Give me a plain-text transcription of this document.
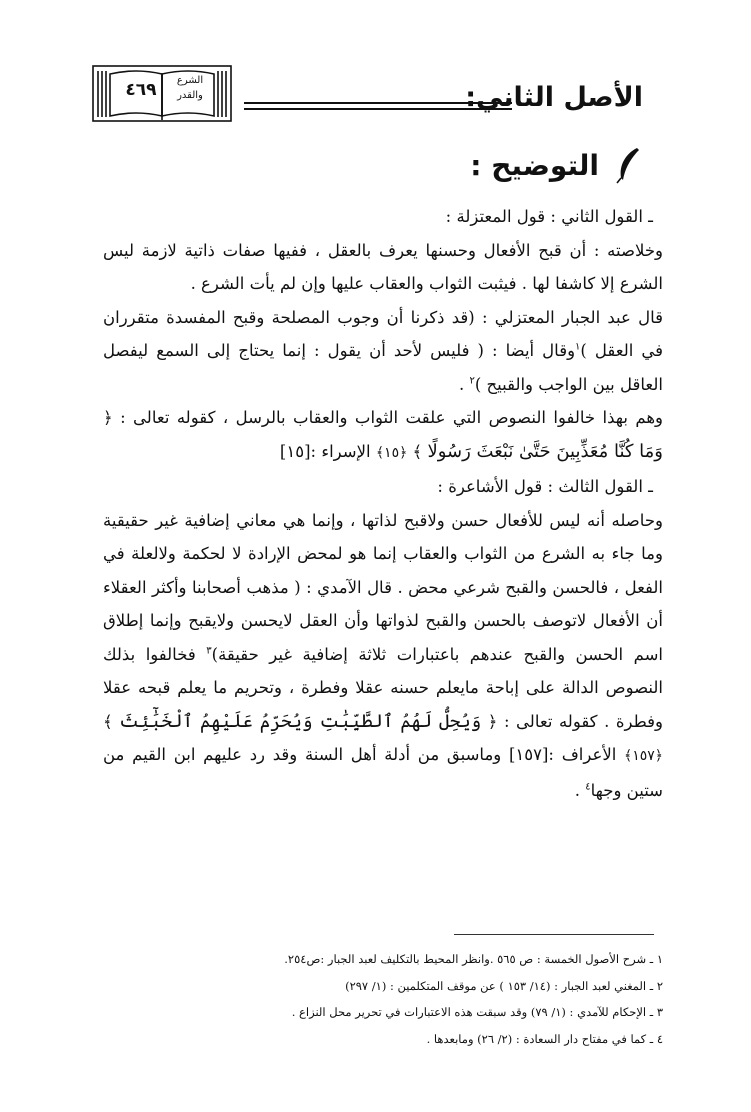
الأصل الثاني:
٤٦٩	الشرع
والقدر
التوضيح :

ـ القول الثاني : قول المعتزلة :

وخلاصته : أن قبح الأفعال وحسنها يعرف بالعقل ، ففيها صفات ذاتية لازمة ليس الشرع إلا كاشفا لها . فيثبت الثواب والعقاب عليها وإن لم يأت الشرع .

قال عبد الجبار المعتزلي : (قد ذكرنا أن وجوب المصلحة وقبح المفسدة متقرران في العقل )$^١$وقال أيضا : ( فليس لأحد أن يقول : إنما يحتاج إلى السمع ليفصل العاقل بين الواجب والقبيح )$^٢$ .

وهم بهذا خالفوا النصوص التي علقت الثواب والعقاب بالرسل ، كقوله تعالى : ﴿ وَمَا كُنَّا مُعَذِّبِينَ حَتَّىٰ نَبْعَثَ رَسُولًا ﴾ ﴿١٥﴾ الإسراء :[١٥]

ـ القول الثالث : قول الأشاعرة :

وحاصله أنه ليس للأفعال حسن ولاقبح لذاتها ، وإنما هي معاني إضافية غير حقيقية وما جاء به الشرع من الثواب والعقاب إنما هو لمحض الإرادة لا لحكمة ولالعلة في الفعل ، فالحسن والقبح شرعي محض . قال الآمدي : ( مذهب أصحابنا وأكثر العقلاء أن الأفعال لاتوصف بالحسن والقبح لذواتها وأن العقل لايحسن ولايقبح وإنما إطلاق اسم الحسن والقبح عندهم باعتبارات ثلاثة إضافية غير حقيقة)$^٣$ فخالفوا بذلك النصوص الدالة على إباحة مايعلم حسنه عقلا وفطرة ، وتحريم ما يعلم قبحه عقلا وفطرة . كقوله تعالى : ﴿ وَيُحِلُّ لَهُمُ ٱلطَّيِّبَٰتِ وَيُحَرِّمُ عَلَيْهِمُ ٱلْخَبَٰٓئِثَ ﴾ ﴿١٥٧﴾ الأعراف :[١٥٧] وماسبق من أدلة أهل السنة وقد رد عليهم ابن القيم من ستين وجها$^٤$ .

١ ـ شرح الأصول الخمسة : ص ٥٦٥ .وانظر المحيط بالتكليف لعبد الجبار :ص٢٥٤.

٢ ـ المغني لعبد الجبار : (١٤/ ١٥٣ ) عن موقف المتكلمين : (١/ ٢٩٧)

٣ ـ الإحكام للآمدي : (١/ ٧٩) وقد سبقت هذه الاعتبارات في تحرير محل النزاع .

٤ ـ كما في مفتاح دار السعادة : (٢/ ٢٦) ومابعدها .
